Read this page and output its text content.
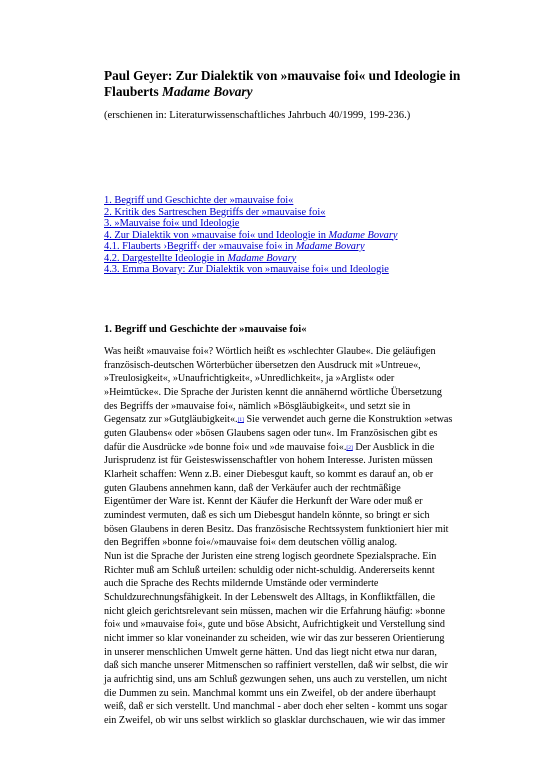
Paul Geyer: Zur Dialektik von »mauvaise foi« und Ideologie in Flauberts Madame Bovary

(erschienen in: Literaturwissenschaftliches Jahrbuch 40/1999, 199-236.)

1. Begriff und Geschichte der »mauvaise foi«
2. Kritik des Sartreschen Begriffs der »mauvaise foi«
3. »Mauvaise foi« und Ideologie
4. Zur Dialektik von »mauvaise foi« und Ideologie in Madame Bovary
4.1. Flauberts ›Begriff‹ der »mauvaise foi« in Madame Bovary
4.2. Dargestellte Ideologie in Madame Bovary
4.3. Emma Bovary: Zur Dialektik von »mauvaise foi« und Ideologie
1. Begriff und Geschichte der »mauvaise foi«

Was heißt »mauvaise foi«? Wörtlich heißt es »schlechter Glaube«. Die geläufigen
französisch-deutschen Wörterbücher übersetzen den Ausdruck mit »Untreue«,
»Treulosigkeit«, »Unaufrichtigkeit«, »Unredlichkeit«, ja »Arglist« oder
»Heimtücke«. Die Sprache der Juristen kennt die annähernd wörtliche Übersetzung
des Begriffs der »mauvaise foi«, nämlich »Bösgläubigkeit«, und setzt sie in
Gegensatz zur »Gutgläubigkeit«.[1] Sie verwendet auch gerne die Konstruktion »etwas
guten Glaubens« oder »bösen Glaubens sagen oder tun«. Im Französischen gibt es
dafür die Ausdrücke »de bonne foi« und »de mauvaise foi«.[2] Der Ausblick in die
Jurisprudenz ist für Geisteswissenschaftler von hohem Interesse. Juristen müssen
Klarheit schaffen: Wenn z.B. einer Diebesgut kauft, so kommt es darauf an, ob er
guten Glaubens annehmen kann, daß der Verkäufer auch der rechtmäßige
Eigentümer der Ware ist. Kennt der Käufer die Herkunft der Ware oder muß er
zumindest vermuten, daß es sich um Diebesgut handeln könnte, so bringt er sich
bösen Glaubens in deren Besitz. Das französische Rechtssystem funktioniert hier mit
den Begriffen »bonne foi«/»mauvaise foi« dem deutschen völlig analog.

Nun ist die Sprache der Juristen eine streng logisch geordnete Spezialsprache. Ein
Richter muß am Schluß urteilen: schuldig oder nicht-schuldig. Andererseits kennt
auch die Sprache des Rechts mildernde Umstände oder verminderte
Schuldzurechnungsfähigkeit. In der Lebenswelt des Alltags, in Konfliktfällen, die
nicht gleich gerichtsrelevant sein müssen, machen wir die Erfahrung häufig: »bonne
foi« und »mauvaise foi«, gute und böse Absicht, Aufrichtigkeit und Verstellung sind
nicht immer so klar voneinander zu scheiden, wie wir das zur besseren Orientierung
in unserer menschlichen Umwelt gerne hätten. Und das liegt nicht etwa nur daran,
daß sich manche unserer Mitmenschen so raffiniert verstellen, daß wir selbst, die wir
ja aufrichtig sind, uns am Schluß gezwungen sehen, uns auch zu verstellen, um nicht
die Dummen zu sein. Manchmal kommt uns ein Zweifel, ob der andere überhaupt
weiß, daß er sich verstellt. Und manchmal - aber doch eher selten - kommt uns sogar
ein Zweifel, ob wir uns selbst wirklich so glasklar durchschauen, wie wir das immer
